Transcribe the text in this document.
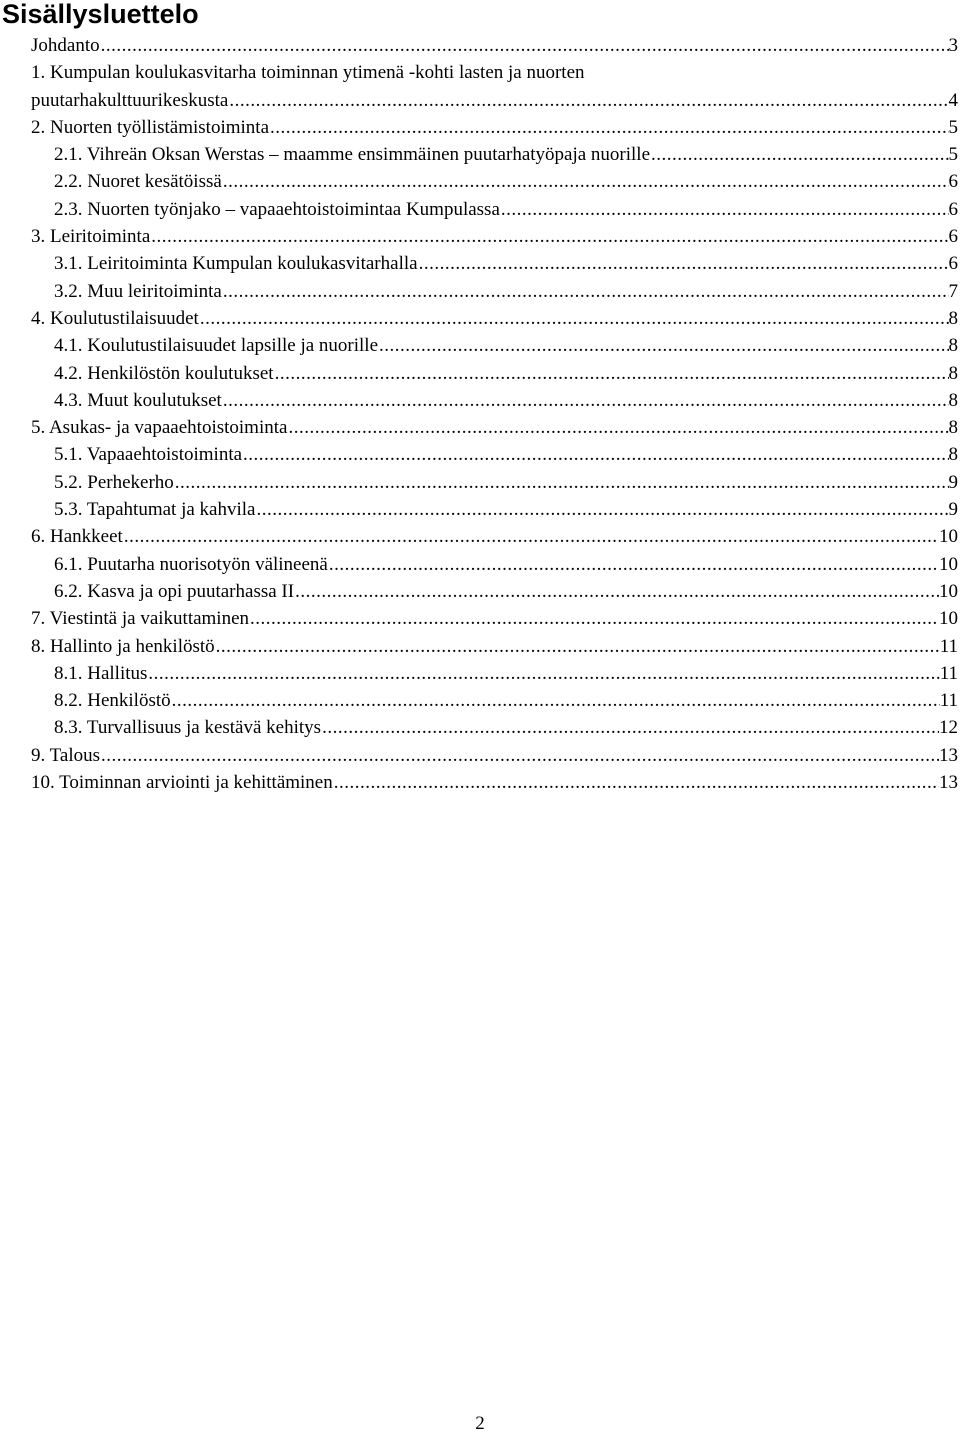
Sisällysluettelo
Johdanto .....	3
1. Kumpulan koulukasvitarha toiminnan ytimenä -kohti lasten ja nuorten
puutarhakulttuurikeskusta .....	4
2. Nuorten työllistämistoiminta .....	5
2.1. Vihreän Oksan Werstas – maamme ensimmäinen puutarhatyöpaja nuorille .....	5
2.2. Nuoret kesätöissä .....	6
2.3. Nuorten työnjako – vapaaehtoistoimintaa Kumpulassa .....	6
3. Leiritoiminta .....	6
3.1. Leiritoiminta Kumpulan koulukasvitarhalla .....	6
3.2. Muu leiritoiminta .....	7
4. Koulutustilaisuudet .....	8
4.1. Koulutustilaisuudet lapsille ja nuorille .....	8
4.2. Henkilöstön koulutukset .....	8
4.3. Muut koulutukset .....	8
5. Asukas- ja vapaaehtoistoiminta .....	8
5.1. Vapaaehtoistoiminta .....	8
5.2. Perhekerho .....	9
5.3. Tapahtumat ja kahvila .....	9
6. Hankkeet .....	10
6.1. Puutarha nuorisotyön välineenä .....	10
6.2. Kasva ja opi puutarhassa II .....	10
7. Viestintä ja vaikuttaminen .....	10
8. Hallinto ja henkilöstö .....	11
8.1. Hallitus .....	11
8.2. Henkilöstö .....	11
8.3. Turvallisuus ja kestävä kehitys .....	12
9. Talous .....	13
10. Toiminnan arviointi ja kehittäminen .....	13
2
